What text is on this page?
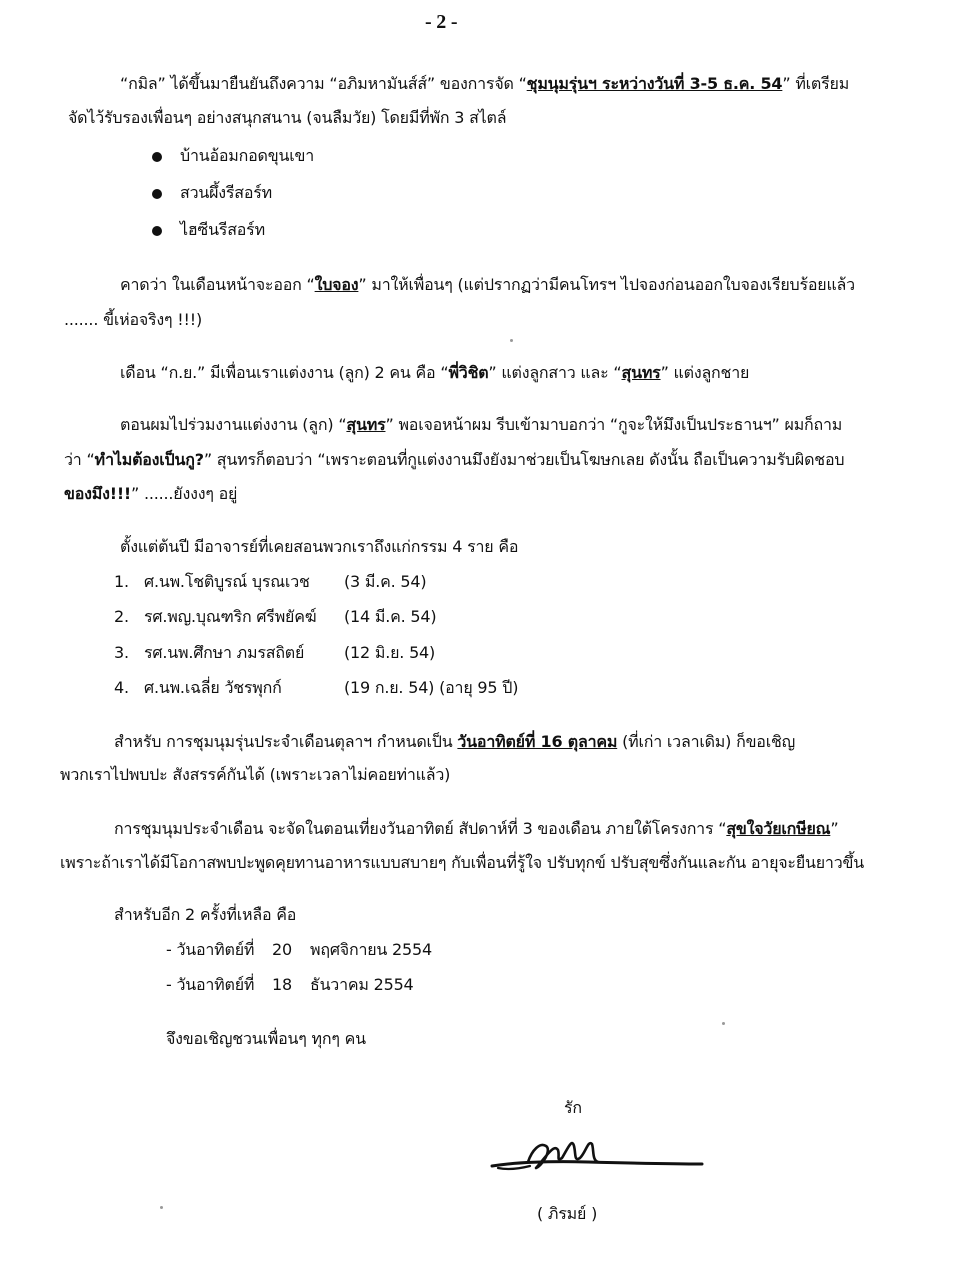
- 2 -
“กมิล” ได้ขึ้นมายืนยันถึงความ “อภิมหามันส์ส์” ของการจัด “ชุมนุมรุ่นฯ ระหว่างวันที่ 3-5 ธ.ค. 54” ที่เตรียม
จัดไว้รับรองเพื่อนๆ อย่างสนุกสนาน (จนลืมวัย) โดยมีที่พัก 3 สไตล์
บ้านอ้อมกอดขุนเขา
สวนผึ้งรีสอร์ท
ไฮซีนรีสอร์ท
คาดว่า ในเดือนหน้าจะออก “ใบจอง” มาให้เพื่อนๆ (แต่ปรากฏว่ามีคนโทรฯ ไปจองก่อนออกใบจองเรียบร้อยแล้ว
....... ขี้เห่อจริงๆ !!!)
เดือน “ก.ย.” มีเพื่อนเราแต่งงาน (ลูก) 2 คน คือ “พี่วิชิต” แต่งลูกสาว และ “สุนทร” แต่งลูกชาย
ตอนผมไปร่วมงานแต่งงาน (ลูก) “สุนทร” พอเจอหน้าผม รีบเข้ามาบอกว่า “กูจะให้มึงเป็นประธานฯ” ผมก็ถาม
ว่า “ทำไมต้องเป็นกู?” สุนทรก็ตอบว่า “เพราะตอนที่กูแต่งงานมึงยังมาช่วยเป็นโฆษกเลย ดังนั้น ถือเป็นความรับผิดชอบ
ของมึง!!!” ......ยังงงๆ อยู่
ตั้งแต่ต้นปี มีอาจารย์ที่เคยสอนพวกเราถึงแก่กรรม 4 ราย คือ
1. ศ.นพ.โชติบูรณ์ บุรณเวช (3 มี.ค. 54)
2. รศ.พญ.บุณฑริก ศรีพยัคฆ์ (14 มี.ค. 54)
3. รศ.นพ.ศึกษา ภมรสถิตย์ (12 มิ.ย. 54)
4. ศ.นพ.เฉลี่ย วัชรพุกก์	(19 ก.ย. 54) (อายุ 95 ปี)
สำหรับ การชุมนุมรุ่นประจำเดือนตุลาฯ กำหนดเป็น วันอาทิตย์ที่ 16 ตุลาคม (ที่เก่า เวลาเดิม) ก็ขอเชิญ
พวกเราไปพบปะ สังสรรค์กันได้ (เพราะเวลาไม่คอยท่าแล้ว)
การชุมนุมประจำเดือน จะจัดในตอนเที่ยงวันอาทิตย์ สัปดาห์ที่ 3 ของเดือน ภายใต้โครงการ “สุขใจวัยเกษียณ”
เพราะถ้าเราได้มีโอกาสพบปะพูดคุยทานอาหารแบบสบายๆ กับเพื่อนที่รู้ใจ ปรับทุกข์ ปรับสุขซึ่งกันและกัน อายุจะยืนยาวขึ้น
สำหรับอีก 2 ครั้งที่เหลือ คือ
- วันอาทิตย์ที่ 20 พฤศจิกายน 2554
- วันอาทิตย์ที่ 18 ธันวาคม 2554
จึงขอเชิญชวนเพื่อนๆ ทุกๆ คน
รัก
( ภิรมย์ )
